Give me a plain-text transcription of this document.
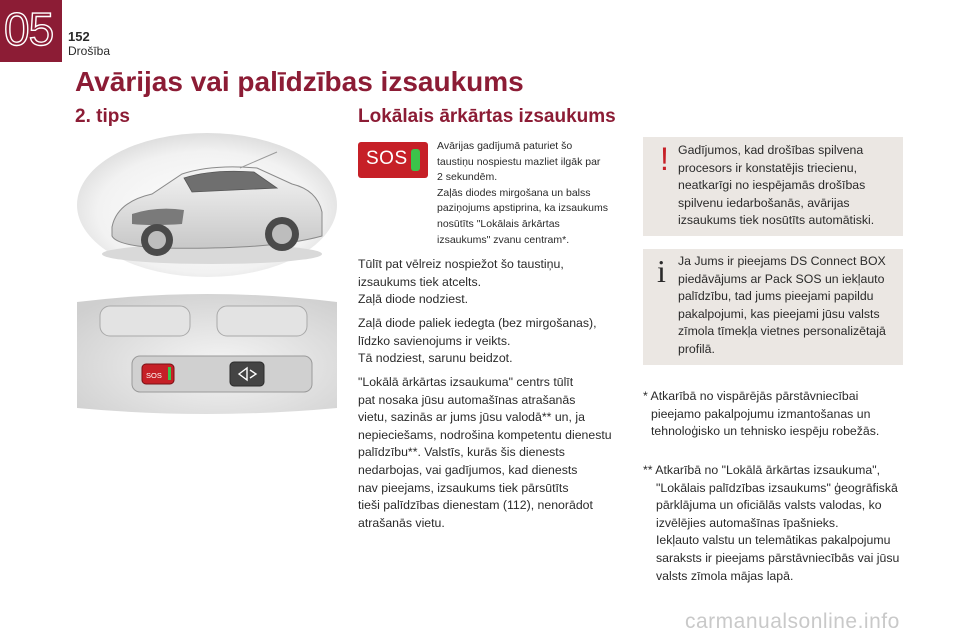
05 152
Drošība
Avārijas vai palīdzības izsaukums
2. tips	Lokālais ārkārtas izsaukums
SOS
SOS

Avārijas gadījumā paturiet šo

taustiņu nospiestu mazliet ilgāk par

2 sekundēm.

Zaļās diodes mirgošana un balss

paziņojums apstiprina, ka izsaukums

nosūtīts "Lokālais ārkārtas

izsaukums" zvanu centram*.

Tūlīt pat vēlreiz nospiežot šo taustiņu,

izsaukums tiek atcelts.

Zaļā diode nodziest.

Zaļā diode paliek iedegta (bez mirgošanas),

līdzko savienojums ir veikts.

Tā nodziest, sarunu beidzot.

"Lokālā ārkārtas izsaukuma" centrs tūlīt

pat nosaka jūsu automašīnas atrašanās

vietu, sazinās ar jums jūsu valodā** un, ja

nepieciešams, nodrošina kompetentu dienestu

palīdzību**. Valstīs, kurās šis dienests

nedarbojas, vai gadījumos, kad dienests

nav pieejams, izsaukums tiek pārsūtīts

tieši palīdzības dienestam (112), nenorādot

atrašanās vietu.

! Gadījumos, kad drošības spilvena

procesors ir konstatējis triecienu,

neatkarīgi no iespējamās drošības

spilvenu iedarbošanās, avārijas

izsaukums tiek nosūtīts automātiski.

i Ja Jums ir pieejams DS Connect BOX

piedāvājums ar Pack SOS un iekļauto

palīdzību, tad jums pieejami papildu

pakalpojumi, kas pieejami jūsu valsts

zīmola tīmekļa vietnes personalizētajā

profilā.

* Atkarībā no vispārējās pārstāvniecībai

pieejamo pakalpojumu izmantošanas un

tehnoloģisko un tehnisko iespēju robežās.

** Atkarībā no "Lokālā ārkārtas izsaukuma",

"Lokālais palīdzības izsaukums" ģeogrāfiskā

pārklājuma un oficiālās valsts valodas, ko

izvēlējies automašīnas īpašnieks.

Iekļauto valstu un telemātikas pakalpojumu

saraksts ir pieejams pārstāvniecībās vai jūsu

valsts zīmola mājas lapā.

carmanualsonline.info
